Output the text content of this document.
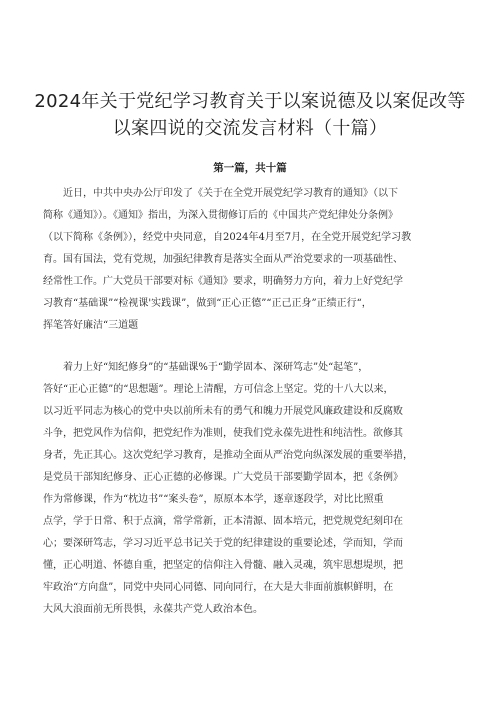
2024年关于党纪学习教育关于以案说德及以案促改等
以案四说的交流发言材料（十篇）
第一篇，共十篇
近日，中共中央办公厅印发了《关于在全党开展党纪学习教育的通知》（以下
简称《通知》）。《通知》指出，为深入贯彻修订后的《中国共产党纪律处分条例》
（以下简称《条例》），经党中央同意，自2024年4月至7月，在全党开展党纪学习教
育。国有国法，党有党规，加强纪律教育是落实全面从严治党要求的一项基础性、
经常性工作。广大党员干部要对标《通知》要求，明确努力方向，着力上好党纪学
习教育“基础课”“检视课'实践课”，做到“正心正德”“正己正身”正绩正行“，
挥笔答好廉洁“三道题
着力上好“知纪修身”的“基础课%于“勤学固本、深研笃志”处“起笔”，
答好“正心正德”的“思想题”。理论上清醒，方可信念上坚定。党的十八大以来，
以习近平同志为核心的党中央以前所未有的勇气和魄力开展党风廉政建设和反腐败
斗争，把党风作为信仰，把党纪作为准则，使我们党永葆先进性和纯洁性。欲修其
身者，先正其心。这次党纪学习教育，是推动全面从严治党向纵深发展的重要举措，
是党员干部知纪修身、正心正德的必修课。广大党员干部要勤学固本，把《条例》
作为常修课，作为“枕边书”“案头卷”，原原本本学，逐章逐段学，对比比照重
点学，学于日常、积于点滴，常学常新，正本清源、固本培元，把党规党纪刻印在
心；要深研笃志，学习习近平总书记关于党的纪律建设的重要论述，学而知，学而
懂，正心明道、怀德自重，把坚定的信仰注入骨髓、融入灵魂，筑牢思想堤坝，把
牢政治“方向盘”，同党中央同心同德、同向同行，在大是大非面前旗帜鲜明，在
大风大浪面前无所畏惧，永葆共产党人政治本色。
